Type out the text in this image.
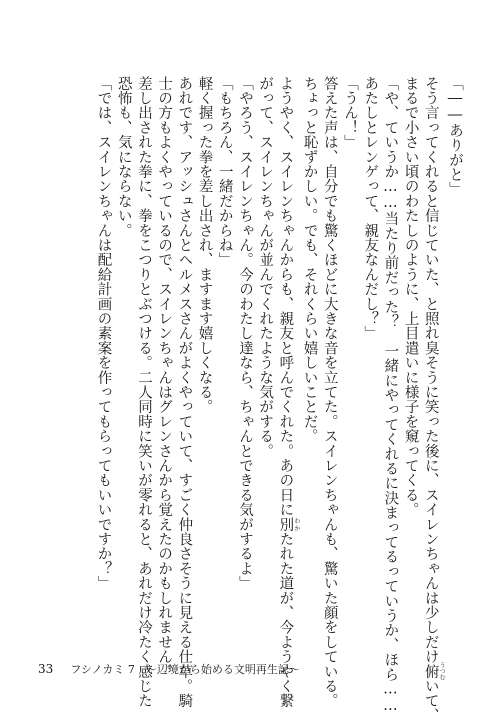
「――ありがと」
そう言ってくれると信じていた、と照れ臭そうに笑った後に、スイレンちゃんは少しだけ俯 うつむいて、
まるで小さい頃のわたしのように、上目遣いに様子を窺ってくる。
「や、ていうか……当たり前だった？　一緒にやってくれるに決まってるっていうか、ほら……
あたしとレンゲって、親友なんだし？」
「うん！」
答えた声は、自分でも驚くほどに大きな音を立てた。スイレンちゃんも、驚いた顔をしている。
ちょっと恥ずかしい。でも、それくらい嬉しいことだ。
ようやく、スイレンちゃんからも、親友と呼んでくれた。あの日に別 わかたれた道が、今ようやく繋
がって、スイレンちゃんが並んでくれたような気がする。
「やろう、スイレンちゃん。今のわたし達なら、ちゃんとできる気がするよ」
「もちろん、一緒だからね」
軽く握った拳を差し出され、ますます嬉しくなる。
あれです、アッシュさんとヘルメスさんがよくやっていて、すごく仲良さそうに見える仕草。騎
士の方もよくやっているので、スイレンちゃんはグレンさんから覚えたのかもしれません。
差し出された拳に、拳をこつりとぶつける。二人同時に笑いが零れると、あれだけ冷たく感じた
恐怖も、気にならない。
「では、スイレンちゃんは配給計画の素案を作ってもらってもいいですか？」
33 フシノカミ 7　～辺境から始める文明再生記～
